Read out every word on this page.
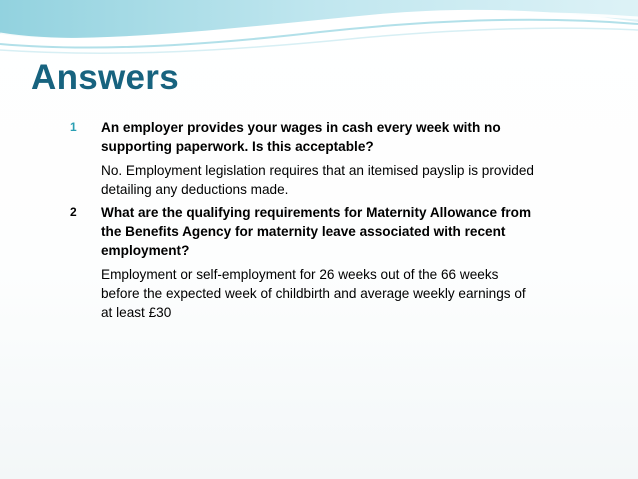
Answers
1 An employer provides your wages in cash every week with no supporting paperwork. Is this acceptable?
No. Employment legislation requires that an itemised payslip is provided detailing any deductions made.
2 What are the qualifying requirements for Maternity Allowance from the Benefits Agency for maternity leave associated with recent employment?
Employment or self-employment for 26 weeks out of the 66 weeks before the expected week of childbirth and average weekly earnings of at least £30
